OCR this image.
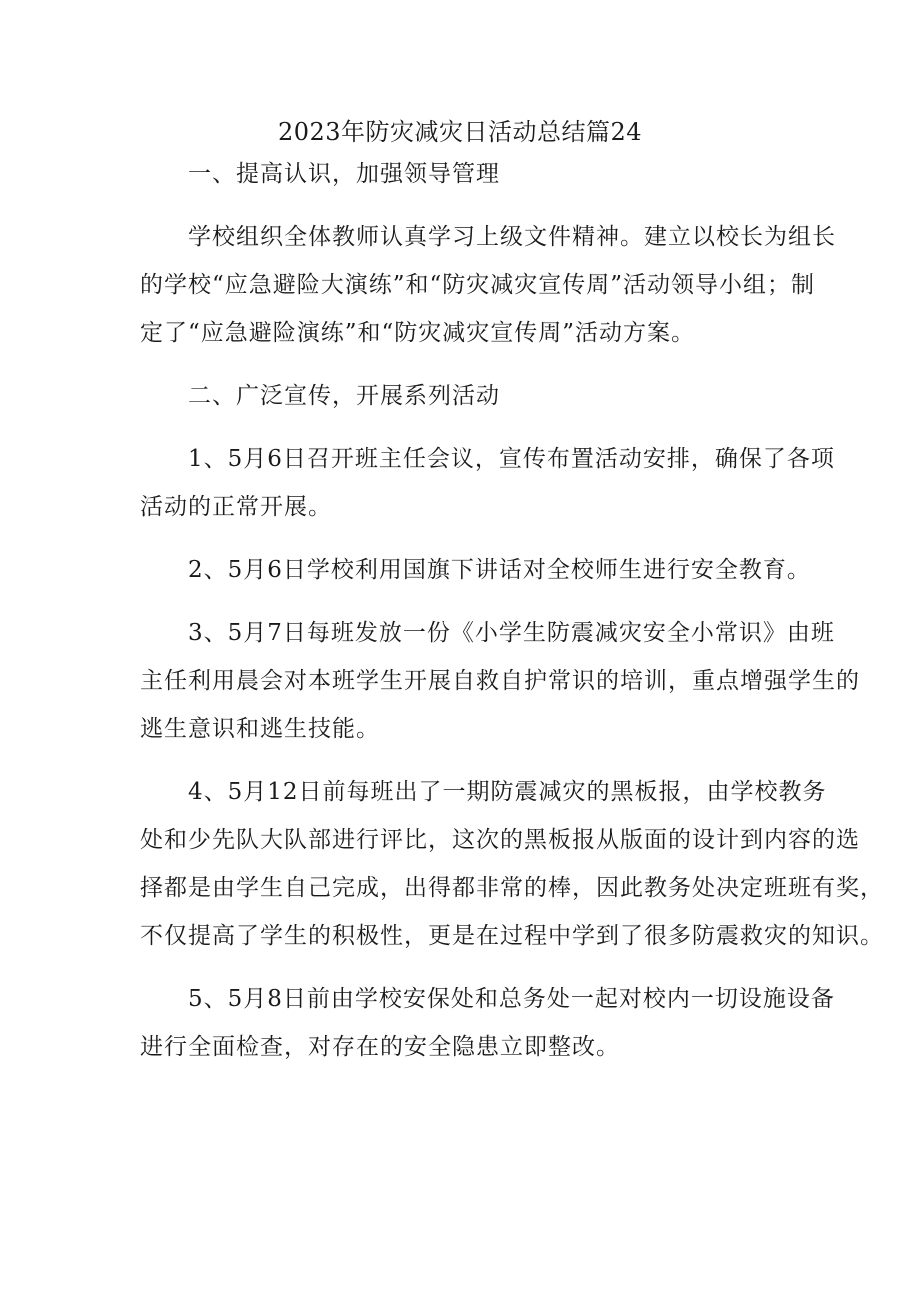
2023年防灾减灾日活动总结篇24

一、提高认识，加强领导管理

学校组织全体教师认真学习上级文件精神。建立以校长为组长

的学校“应急避险大演练”和“防灾减灾宣传周”活动领导小组；制

定了“应急避险演练”和“防灾减灾宣传周”活动方案。

二、广泛宣传，开展系列活动

1、5月6日召开班主任会议，宣传布置活动安排，确保了各项

活动的正常开展。

2、5月6日学校利用国旗下讲话对全校师生进行安全教育。

3、5月7日每班发放一份《小学生防震减灾安全小常识》由班

主任利用晨会对本班学生开展自救自护常识的培训，重点增强学生的

逃生意识和逃生技能。

4、5月12日前每班出了一期防震减灾的黑板报，由学校教务

处和少先队大队部进行评比，这次的黑板报从版面的设计到内容的选

择都是由学生自己完成，出得都非常的棒，因此教务处决定班班有奖，

不仅提高了学生的积极性，更是在过程中学到了很多防震救灾的知识。

5、5月8日前由学校安保处和总务处一起对校内一切设施设备

进行全面检查，对存在的安全隐患立即整改。
